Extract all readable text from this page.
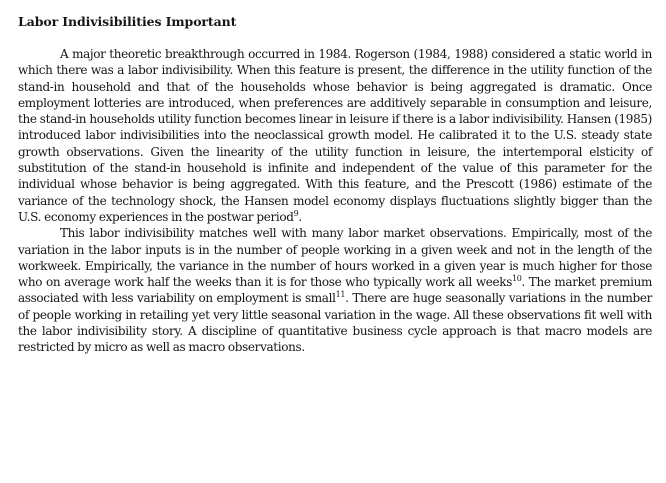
Labor Indivisibilities Important

A major theoretic breakthrough occurred in 1984. Rogerson (1984, 1988) considered a static world in which there was a labor indivisibility. When this feature is present, the difference in the utility function of the stand-in household and that of the households whose behavior is being aggregated is dramatic. Once employment lotteries are introduced, when preferences are additively separable in consumption and leisure, the stand-in households utility function becomes linear in leisure if there is a labor indivisibility. Hansen (1985) introduced labor indivisibilities into the neoclassical growth model. He calibrated it to the U.S. steady state growth observations. Given the linearity of the utility function in leisure, the intertemporal elsticity of substitution of the stand-in household is infinite and independent of the value of this parameter for the individual whose behavior is being aggregated. With this feature, and the Prescott (1986) estimate of the variance of the technology shock, the Hansen model economy displays fluctuations slightly bigger than the U.S. economy experiences in the postwar period$^9$.

This labor indivisibility matches well with many labor market observations. Empirically, most of the variation in the labor inputs is in the number of people working in a given week and not in the length of the workweek. Empirically, the variance in the number of hours worked in a given year is much higher for those who on average work half the weeks than it is for those who typically work all weeks$^{10}$. The market premium associated with less variability on employment is small$^{11}$. There are huge seasonally variations in the number of people working in retailing yet very little seasonal variation in the wage. All these observations fit well with the labor indivisibility story. A discipline of quantitative business cycle approach is that macro models are restricted by micro as well as macro observations.
